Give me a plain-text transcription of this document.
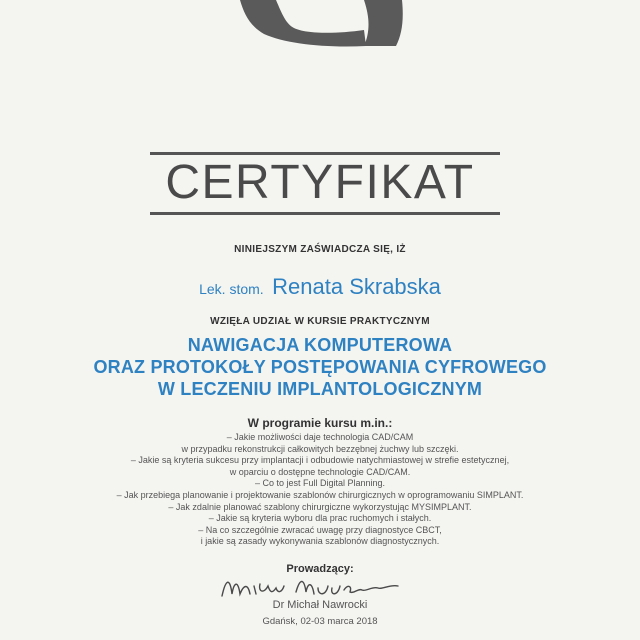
CERTYFIKAT
NINIEJSZYM ZAŚWIADCZA SIĘ, IŻ
Lek. stom. Renata Skrabska
WZIĘŁA UDZIAŁ W KURSIE PRAKTYCZNYM
NAWIGACJA KOMPUTEROWA
ORAZ PROTOKOŁY POSTĘPOWANIA CYFROWEGO
W LECZENIU IMPLANTOLOGICZNYM
W programie kursu m.in.:
– Jakie możliwości daje technologia CAD/CAM
w przypadku rekonstrukcji całkowitych bezzębnej żuchwy lub szczęki.
– Jakie są kryteria sukcesu przy implantacji i odbudowie natychmiastowej w strefie estetycznej,
w oparciu o dostępne technologie CAD/CAM.
– Co to jest Full Digital Planning.
– Jak przebiega planowanie i projektowanie szablonów chirurgicznych w oprogramowaniu SIMPLANT.
– Jak zdalnie planować szablony chirurgiczne wykorzystując MYSIMPLANT.
– Jakie są kryteria wyboru dla prac ruchomych i stałych.
– Na co szczególnie zwracać uwagę przy diagnostyce CBCT,
i jakie są zasady wykonywania szablonów diagnostycznych.
Prowadzący:
Dr Michał Nawrocki
Gdańsk, 02-03 marca 2018
